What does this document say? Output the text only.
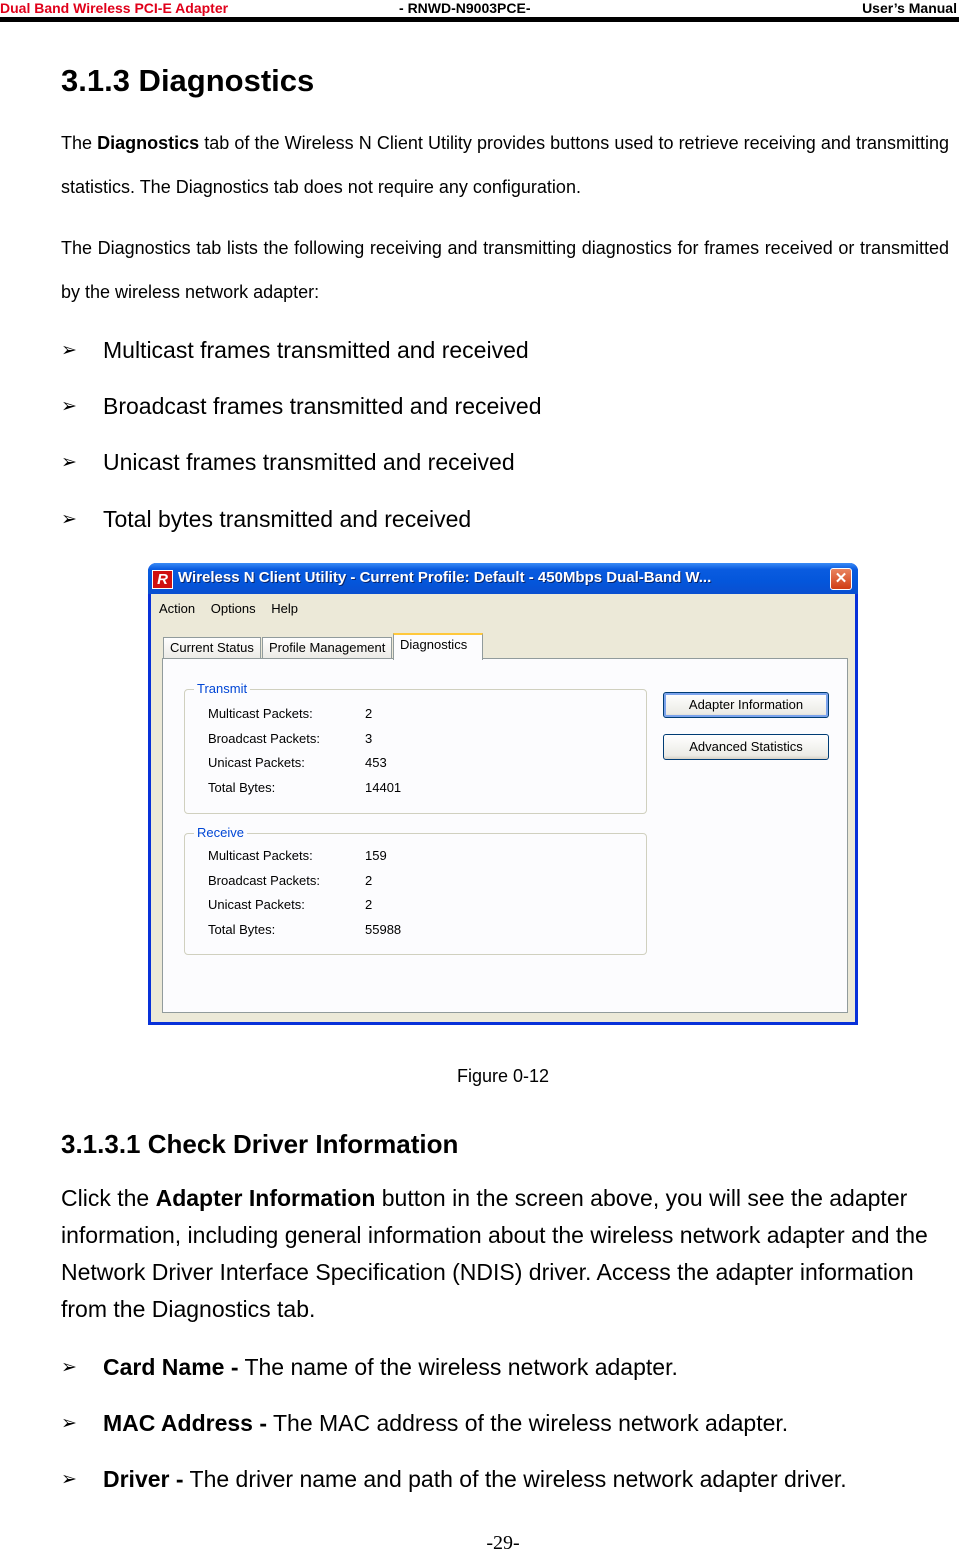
Dual Band Wireless PCI-E Adapter	- RNWD-N9003PCE-	User’s Manual
3.1.3 Diagnostics

The Diagnostics tab of the Wireless N Client Utility provides buttons used to retrieve receiving and transmitting statistics. The Diagnostics tab does not require any configuration.

The Diagnostics tab lists the following receiving and transmitting diagnostics for frames received or transmitted by the wireless network adapter:

➢ Multicast frames transmitted and received
➢ Broadcast frames transmitted and received
➢ Unicast frames transmitted and received
➢ Total bytes transmitted and received
R Wireless N Client Utility - Current Profile: Default - 450Mbps Dual-Band W...	✕
Action Options Help
Current Status	Profile Management	Diagnostics
Transmit
Multicast Packets:	2
Broadcast Packets:	3
Unicast Packets:	453
Total Bytes:	14401
Receive
Multicast Packets:	159
Broadcast Packets:	2
Unicast Packets:	2
Total Bytes:	55988
Adapter Information
Advanced Statistics
Figure 0-12
3.1.3.1 Check Driver Information

Click the Adapter Information button in the screen above, you will see the adapter information, including general information about the wireless network adapter and the Network Driver Interface Specification (NDIS) driver. Access the adapter information from the Diagnostics tab.

➢ Card Name - The name of the wireless network adapter.
➢ MAC Address - The MAC address of the wireless network adapter.
➢ Driver - The driver name and path of the wireless network adapter driver.
-29-
